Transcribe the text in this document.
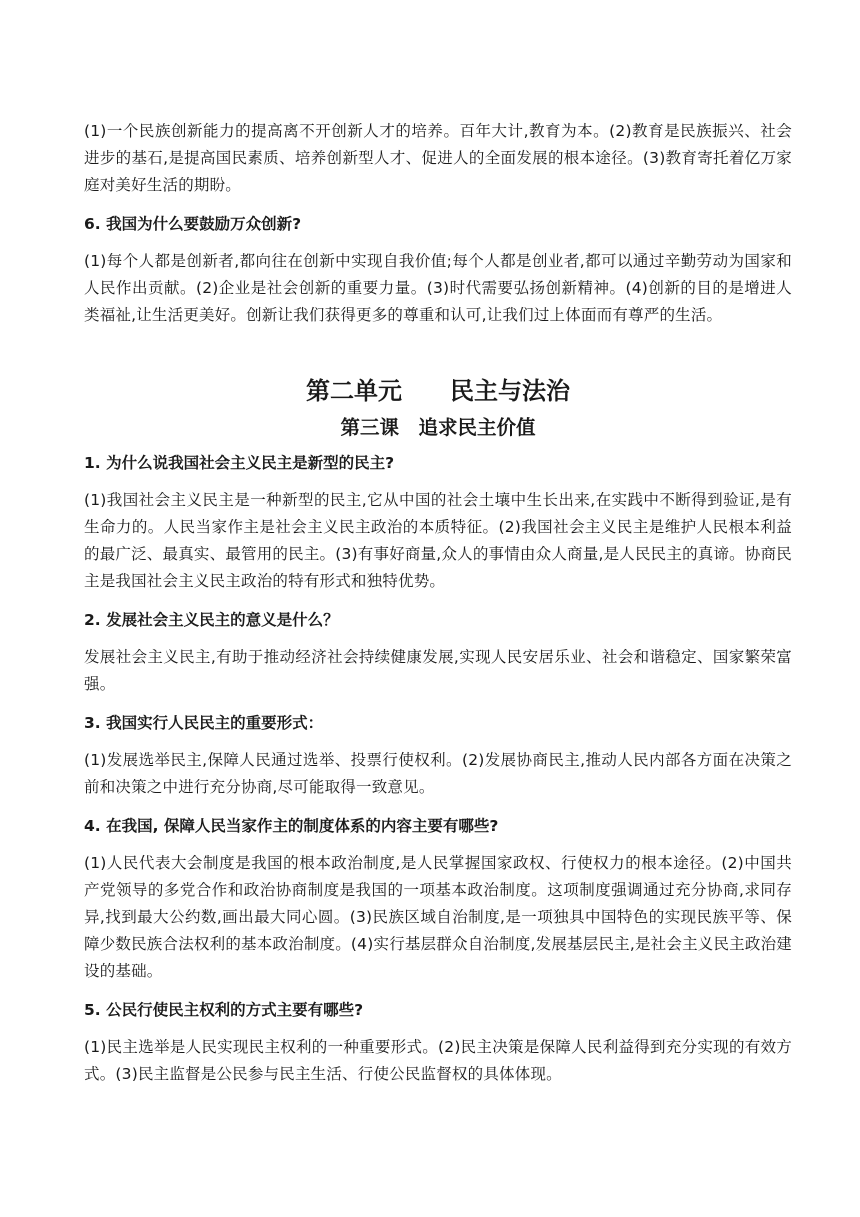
(1)一个民族创新能力的提高离不开创新人才的培养。百年大计,教育为本。(2)教育是民族振兴、社会进步的基石,是提高国民素质、培养创新型人才、促进人的全面发展的根本途径。(3)教育寄托着亿万家庭对美好生活的期盼。

6. 我国为什么要鼓励万众创新?

(1)每个人都是创新者,都向往在创新中实现自我价值;每个人都是创业者,都可以通过辛勤劳动为国家和人民作出贡献。(2)企业是社会创新的重要力量。(3)时代需要弘扬创新精神。(4)创新的目的是增进人类福祉,让生活更美好。创新让我们获得更多的尊重和认可,让我们过上体面而有尊严的生活。

第二单元　　民主与法治
第三课　追求民主价值

1. 为什么说我国社会主义民主是新型的民主?

(1)我国社会主义民主是一种新型的民主,它从中国的社会土壤中生长出来,在实践中不断得到验证,是有生命力的。人民当家作主是社会主义民主政治的本质特征。(2)我国社会主义民主是维护人民根本利益的最广泛、最真实、最管用的民主。(3)有事好商量,众人的事情由众人商量,是人民民主的真谛。协商民主是我国社会主义民主政治的特有形式和独特优势。

2. 发展社会主义民主的意义是什么？

发展社会主义民主,有助于推动经济社会持续健康发展,实现人民安居乐业、社会和谐稳定、国家繁荣富强。

3. 我国实行人民民主的重要形式：

(1)发展选举民主,保障人民通过选举、投票行使权利。(2)发展协商民主,推动人民内部各方面在决策之前和决策之中进行充分协商,尽可能取得一致意见。

4. 在我国, 保障人民当家作主的制度体系的内容主要有哪些?

(1)人民代表大会制度是我国的根本政治制度,是人民掌握国家政权、行使权力的根本途径。(2)中国共产党领导的多党合作和政治协商制度是我国的一项基本政治制度。这项制度强调通过充分协商,求同存异,找到最大公约数,画出最大同心圆。(3)民族区域自治制度,是一项独具中国特色的实现民族平等、保障少数民族合法权利的基本政治制度。(4)实行基层群众自治制度,发展基层民主,是社会主义民主政治建设的基础。

5. 公民行使民主权利的方式主要有哪些?

(1)民主选举是人民实现民主权利的一种重要形式。(2)民主决策是保障人民利益得到充分实现的有效方式。(3)民主监督是公民参与民主生活、行使公民监督权的具体体现。
